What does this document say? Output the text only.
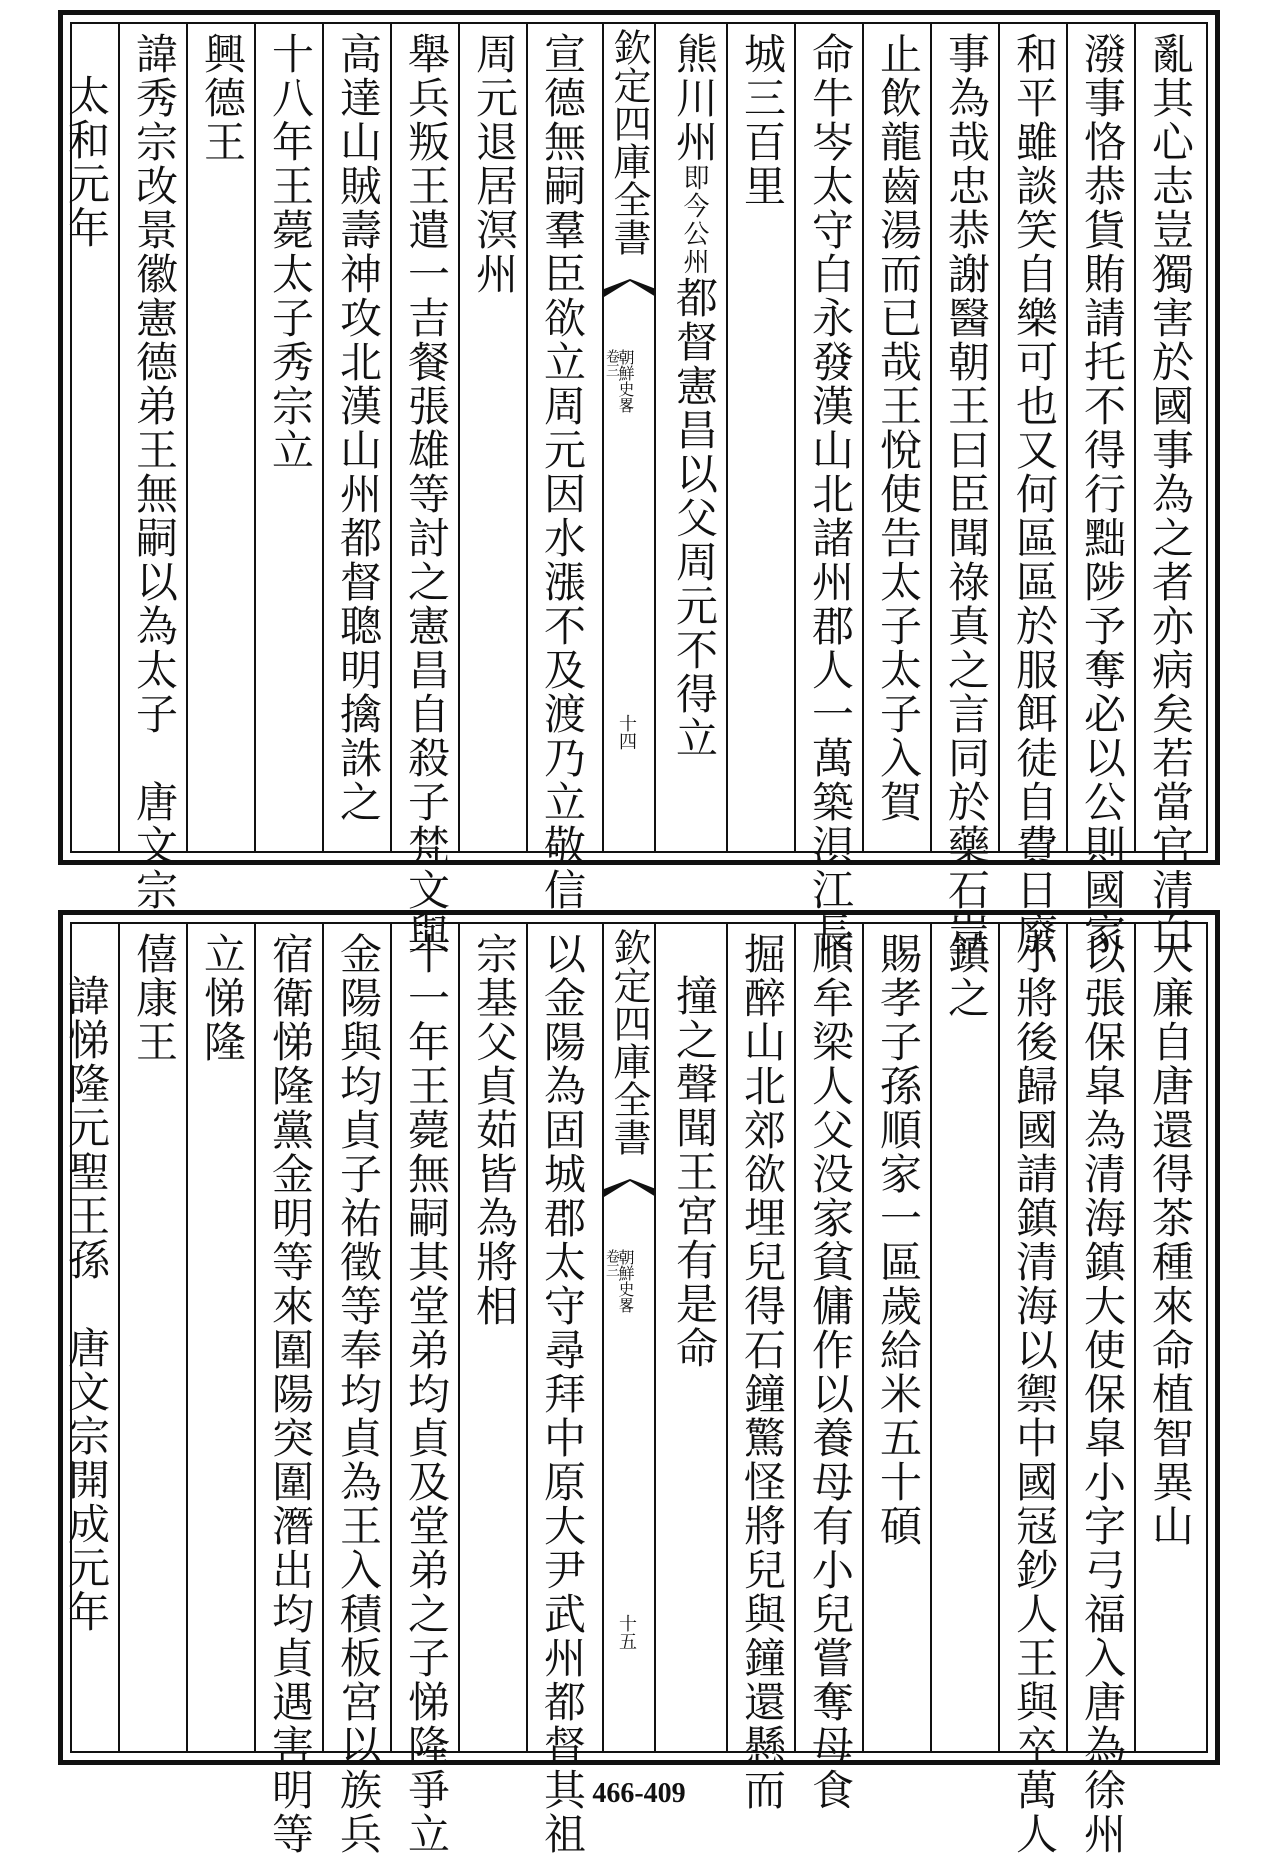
亂其心志豈獨害於國事為之者亦病矣若當官清白
潑事恪恭貨賄請托不得行黜陟予奪必以公則國家
和平雖談笑自樂可也又何區區於服餌徒自費日廢
事為哉忠恭謝醫朝王曰臣聞祿真之言同於藥石豈
止飲龍齒湯而已哉王悅使告太子太子入賀
命牛岑太守白永發漢山北諸州郡人一萬築浿江長
城三百里
熊川州即今公州都督憲昌以父周元不得立
欽定四庫全書
朝鮮史畧
卷三
十四
宣德無嗣羣臣欲立周元因水漲不及渡乃立敬信
周元退居溟州
舉兵叛王遣一吉餐張雄等討之憲昌自殺子梵文與
高達山賊壽神攻北漢山州都督聰明擒誅之
十八年王薨太子秀宗立
興德王
諱秀宗改景徽憲德弟王無嗣以為太子　唐文宗
太和元年
大廉自唐還得茶種來命植智異山
以張保皐為清海鎮大使保皐小字弓福入唐為徐州
小將後歸國請鎮清海以禦中國冦鈔人王與卒萬人
鎮之
賜孝子孫順家一區歲給米五十碩
順牟梁人父没家貧傭作以養母有小兒嘗奪母食
掘醉山北郊欲埋兒得石鐘驚怪將兒與鐘還懸而
撞之聲聞王宮有是命
欽定四庫全書
朝鮮史畧
卷三
十五
以金陽為固城郡太守尋拜中原大尹武州都督其祖
宗基父貞茹皆為將相
十一年王薨無嗣其堂弟均貞及堂弟之子悌隆爭立
金陽與均貞子祐徵等奉均貞為王入積板宮以族兵
宿衛悌隆黨金明等來圍陽突圍潛出均貞遇害明等
立悌隆
僖康王
諱悌隆元聖王孫　唐文宗開成元年
466-409
